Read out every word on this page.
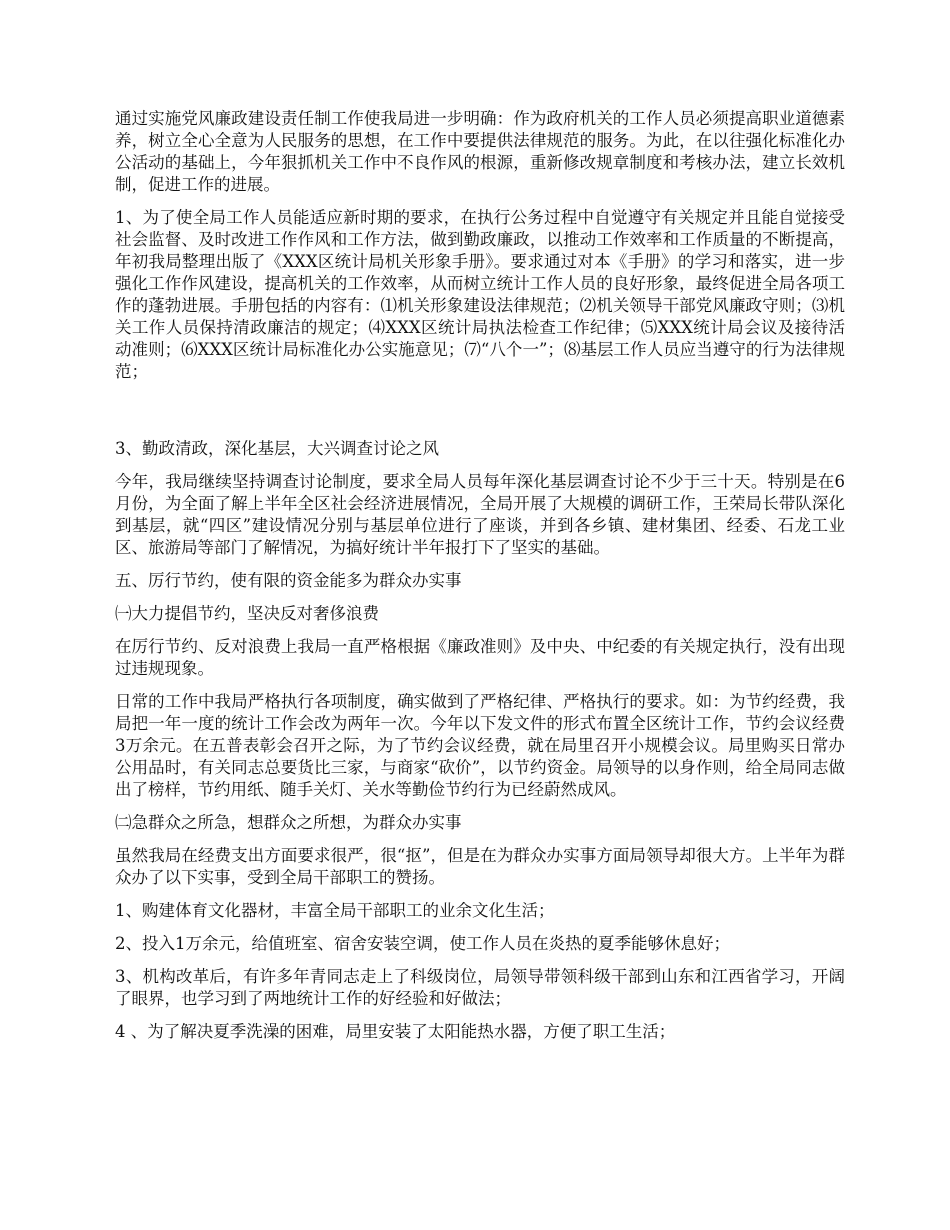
通过实施党风廉政建设责任制工作使我局进一步明确：作为政府机关的工作人员必须提高职业道德素养，树立全心全意为人民服务的思想，在工作中要提供法律规范的服务。为此，在以往强化标准化办公活动的基础上，今年狠抓机关工作中不良作风的根源，重新修改规章制度和考核办法，建立长效机制，促进工作的进展。

1、为了使全局工作人员能适应新时期的要求，在执行公务过程中自觉遵守有关规定并且能自觉接受社会监督、及时改进工作作风和工作方法，做到勤政廉政，以推动工作效率和工作质量的不断提高，年初我局整理出版了《XXX区统计局机关形象手册》。要求通过对本《手册》的学习和落实，进一步强化工作作风建设，提高机关的工作效率，从而树立统计工作人员的良好形象，最终促进全局各项工作的蓬勃进展。手册包括的内容有：⑴机关形象建设法律规范；⑵机关领导干部党风廉政守则；⑶机关工作人员保持清政廉洁的规定；⑷XXX区统计局执法检查工作纪律；⑸XXX统计局会议及接待活动准则；⑹XXX区统计局标准化办公实施意见；⑺“八个一”；⑻基层工作人员应当遵守的行为法律规范；

3、勤政清政，深化基层，大兴调查讨论之风

今年，我局继续坚持调查讨论制度，要求全局人员每年深化基层调查讨论不少于三十天。特别是在6月份，为全面了解上半年全区社会经济进展情况，全局开展了大规模的调研工作，王荣局长带队深化到基层，就“四区”建设情况分别与基层单位进行了座谈，并到各乡镇、建材集团、经委、石龙工业区、旅游局等部门了解情况，为搞好统计半年报打下了坚实的基础。

五、厉行节约，使有限的资金能多为群众办实事

㈠大力提倡节约，坚决反对奢侈浪费

在厉行节约、反对浪费上我局一直严格根据《廉政准则》及中央、中纪委的有关规定执行，没有出现过违规现象。

日常的工作中我局严格执行各项制度，确实做到了严格纪律、严格执行的要求。如：为节约经费，我局把一年一度的统计工作会改为两年一次。今年以下发文件的形式布置全区统计工作，节约会议经费3万余元。在五普表彰会召开之际，为了节约会议经费，就在局里召开小规模会议。局里购买日常办公用品时，有关同志总要货比三家，与商家“砍价”，以节约资金。局领导的以身作则，给全局同志做出了榜样，节约用纸、随手关灯、关水等勤俭节约行为已经蔚然成风。

㈡急群众之所急，想群众之所想，为群众办实事

虽然我局在经费支出方面要求很严，很“抠”，但是在为群众办实事方面局领导却很大方。上半年为群众办了以下实事，受到全局干部职工的赞扬。

1、购建体育文化器材，丰富全局干部职工的业余文化生活；

2、投入1万余元，给值班室、宿舍安装空调，使工作人员在炎热的夏季能够休息好；

3、机构改革后，有许多年青同志走上了科级岗位，局领导带领科级干部到山东和江西省学习，开阔了眼界，也学习到了两地统计工作的好经验和好做法；

4 、为了解决夏季洗澡的困难，局里安装了太阳能热水器，方便了职工生活；
